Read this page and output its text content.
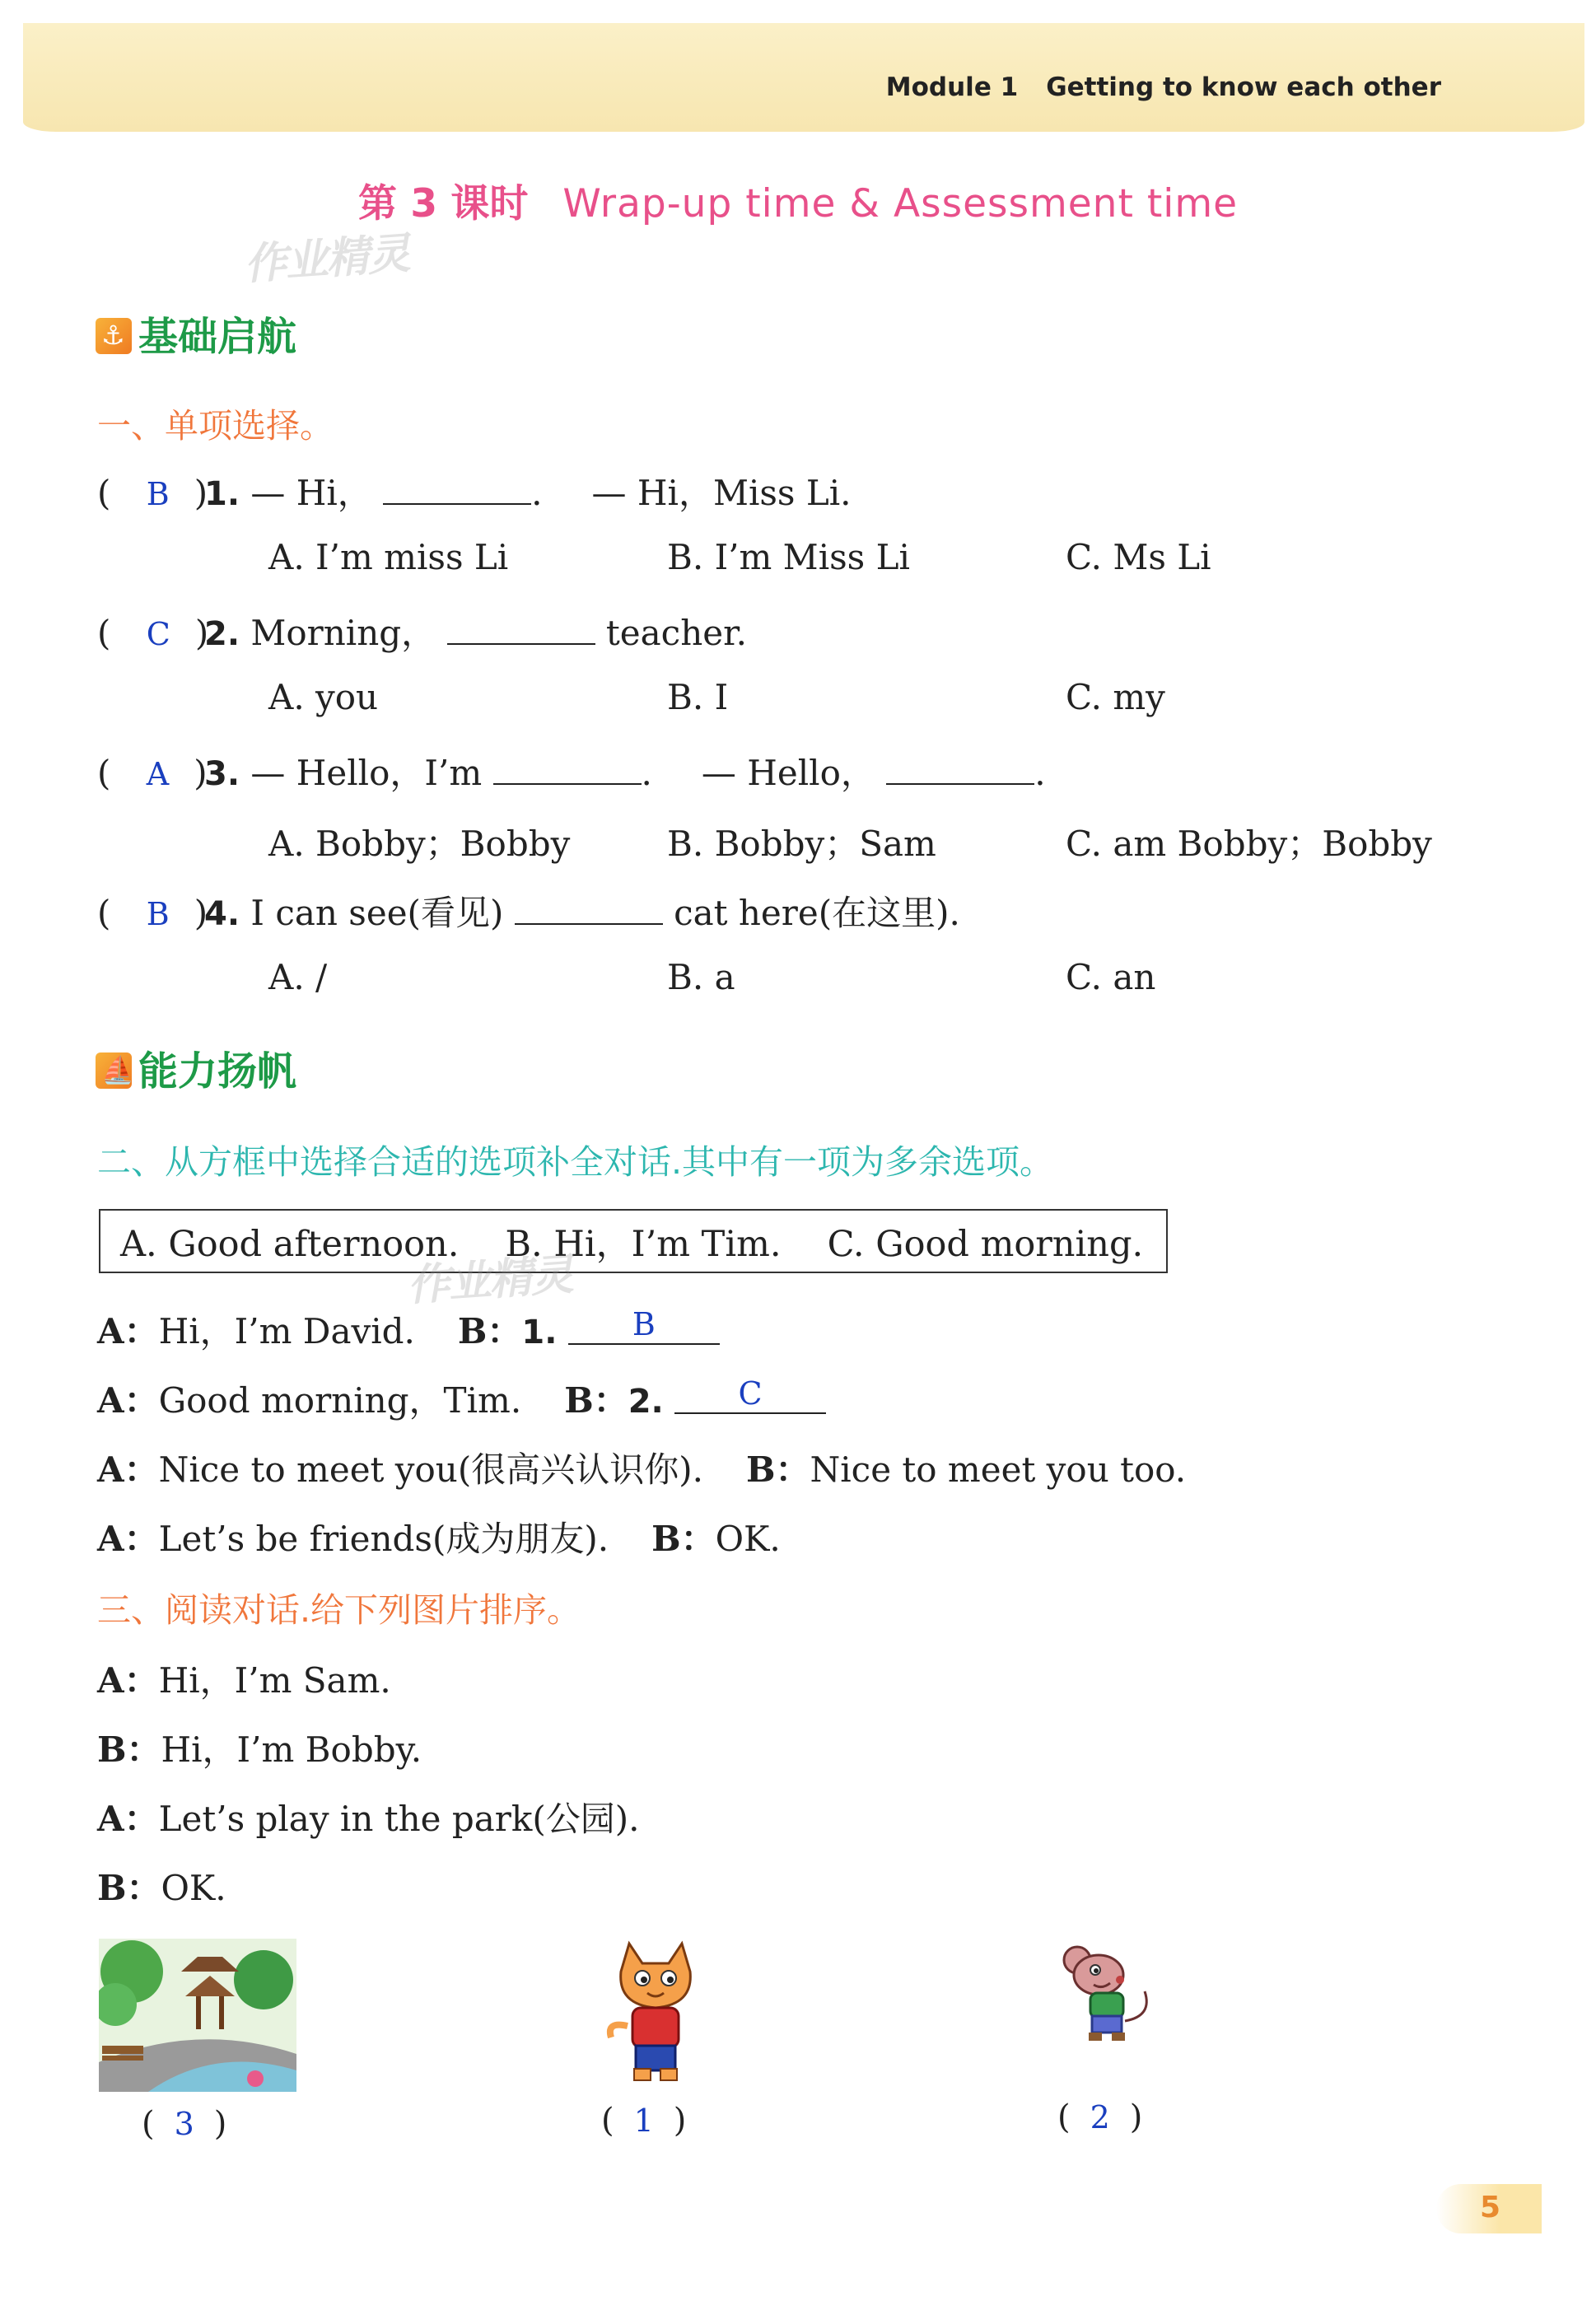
Module 1 Getting to know each other
第 3 课时 Wrap-up time & Assessment time
作业精灵
⚓ 基础启航
一、单项选择。
( B )1. — Hi，	. — Hi，Miss Li.
A. I’m miss Li	B. I’m Miss Li	C. Ms Li
( C )2. Morning，	teacher.
A. you	B. I	C. my
( A )3. — Hello，I’m	. — Hello，	.
A. Bobby；Bobby	B. Bobby；Sam	C. am Bobby；Bobby
( B )4. I can see(看见)	cat here(在这里).
A. /	B. a	C. an
⛵ 能力扬帆
二、从方框中选择合适的选项补全对话.其中有一项为多余选项。
A. Good afternoon. B. Hi，I’m Tim. C. Good morning.
作业精灵
A：Hi，I’m David. B：1. B
A：Good morning，Tim. B：2. C
A：Nice to meet you(很高兴认识你). B：Nice to meet you too.
A：Let’s be friends(成为朋友). B：OK.
三、阅读对话.给下列图片排序。
A：Hi，I’m Sam.
B：Hi，I’m Bobby.
A：Let’s play in the park(公园).
B：OK.
( 3 )	( 1 )	( 2 )
5
